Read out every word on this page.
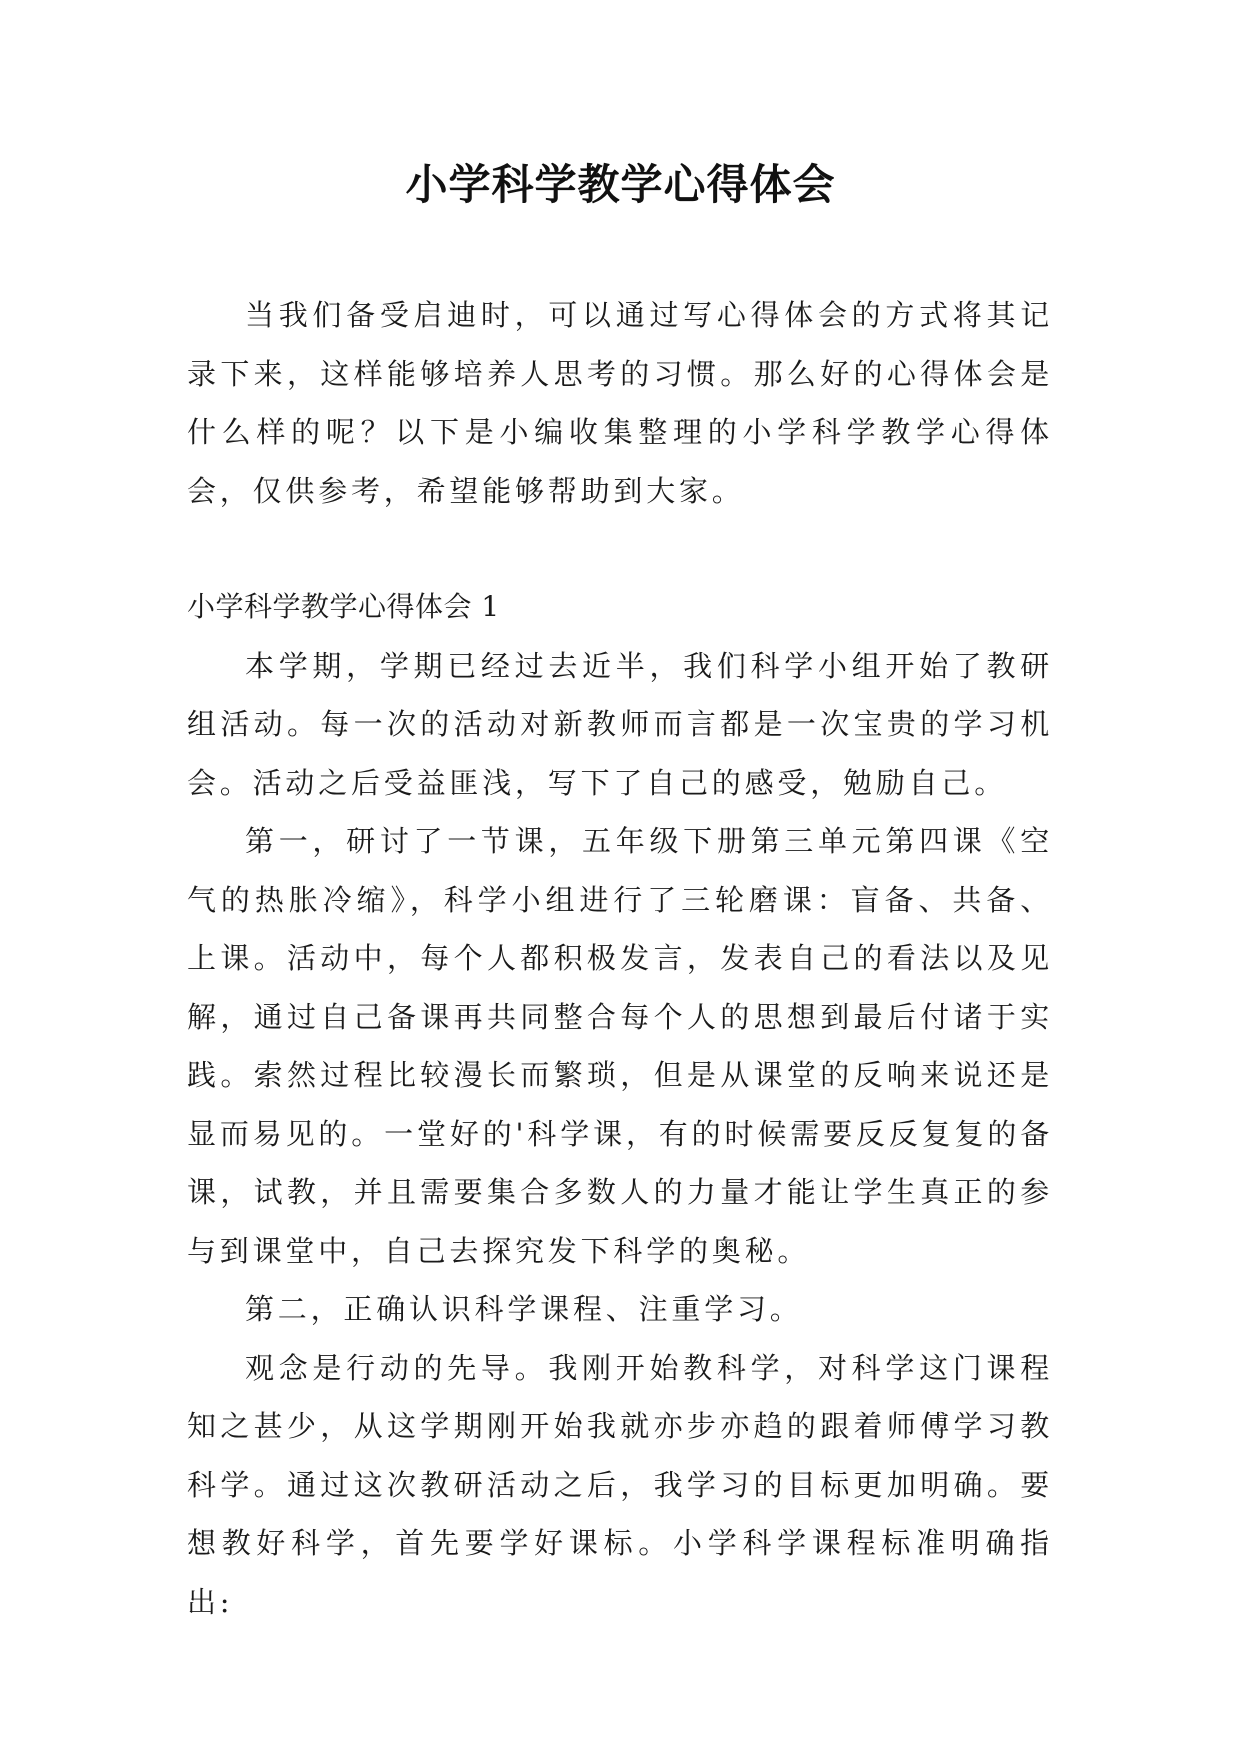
小学科学教学心得体会

当我们备受启迪时，可以通过写心得体会的方式将其记录下来，这样能够培养人思考的习惯。那么好的心得体会是什么样的呢？以下是小编收集整理的小学科学教学心得体会，仅供参考，希望能够帮助到大家。

小学科学教学心得体会 1

本学期，学期已经过去近半，我们科学小组开始了教研组活动。每一次的活动对新教师而言都是一次宝贵的学习机会。活动之后受益匪浅，写下了自己的感受，勉励自己。

第一，研讨了一节课，五年级下册第三单元第四课《空气的热胀冷缩》，科学小组进行了三轮磨课：盲备、共备、上课。活动中，每个人都积极发言，发表自己的看法以及见解，通过自己备课再共同整合每个人的思想到最后付诸于实践。索然过程比较漫长而繁琐，但是从课堂的反响来说还是显而易见的。一堂好的'科学课，有的时候需要反反复复的备课，试教，并且需要集合多数人的力量才能让学生真正的参与到课堂中，自己去探究发下科学的奥秘。

第二，正确认识科学课程、注重学习。

观念是行动的先导。我刚开始教科学，对科学这门课程知之甚少，从这学期刚开始我就亦步亦趋的跟着师傅学习教科学。通过这次教研活动之后，我学习的目标更加明确。要想教好科学，首先要学好课标。小学科学课程标准明确指出:
